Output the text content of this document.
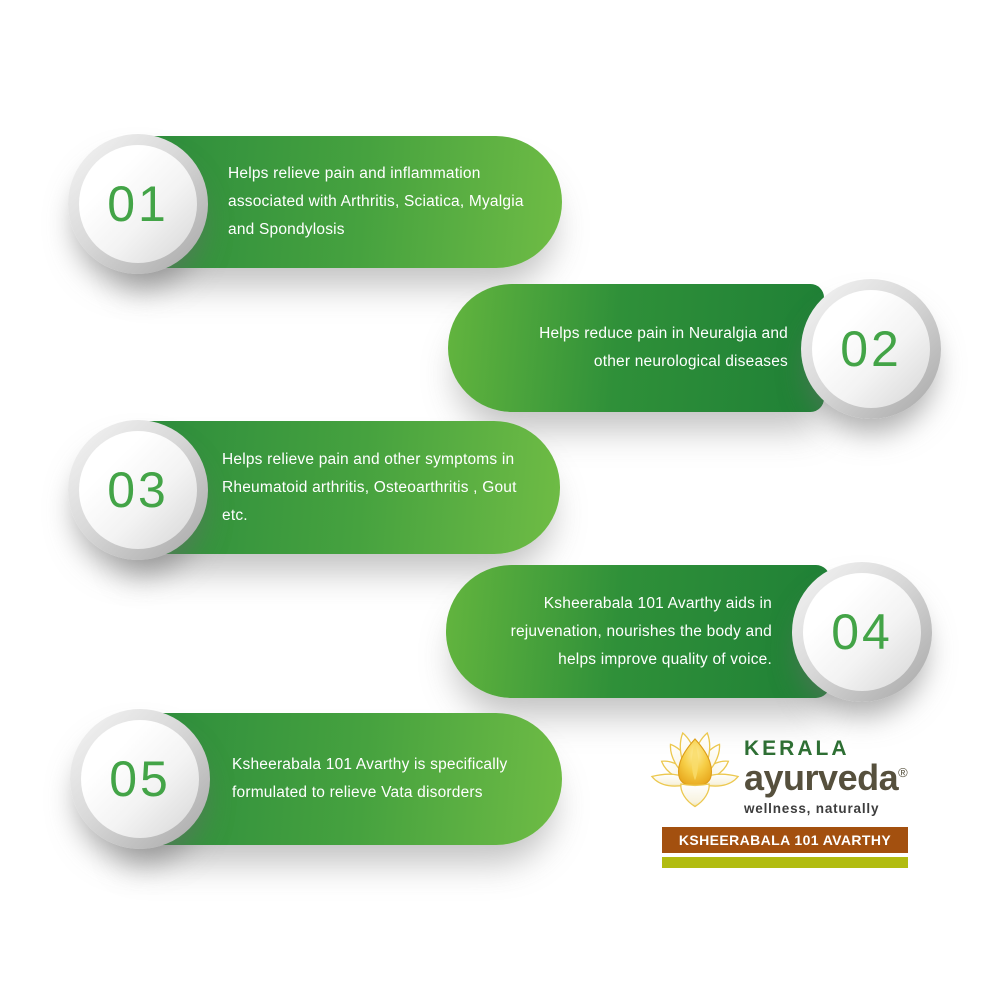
Helps relieve pain and inflammation
associated with Arthritis, Sciatica, Myalgia
and Spondylosis
01
Helps reduce pain in Neuralgia and
other neurological diseases 02
Helps relieve pain and other symptoms in
Rheumatoid arthritis, Osteoarthritis , Gout etc.
03
Ksheerabala 101 Avarthy aids in
rejuvenation, nourishes the body and
helps improve quality of voice. 04
Ksheerabala 101 Avarthy is specifically
formulated to relieve Vata disorders
05
KERALA
ayurveda®
wellness, naturally
KSHEERABALA 101 AVARTHY
